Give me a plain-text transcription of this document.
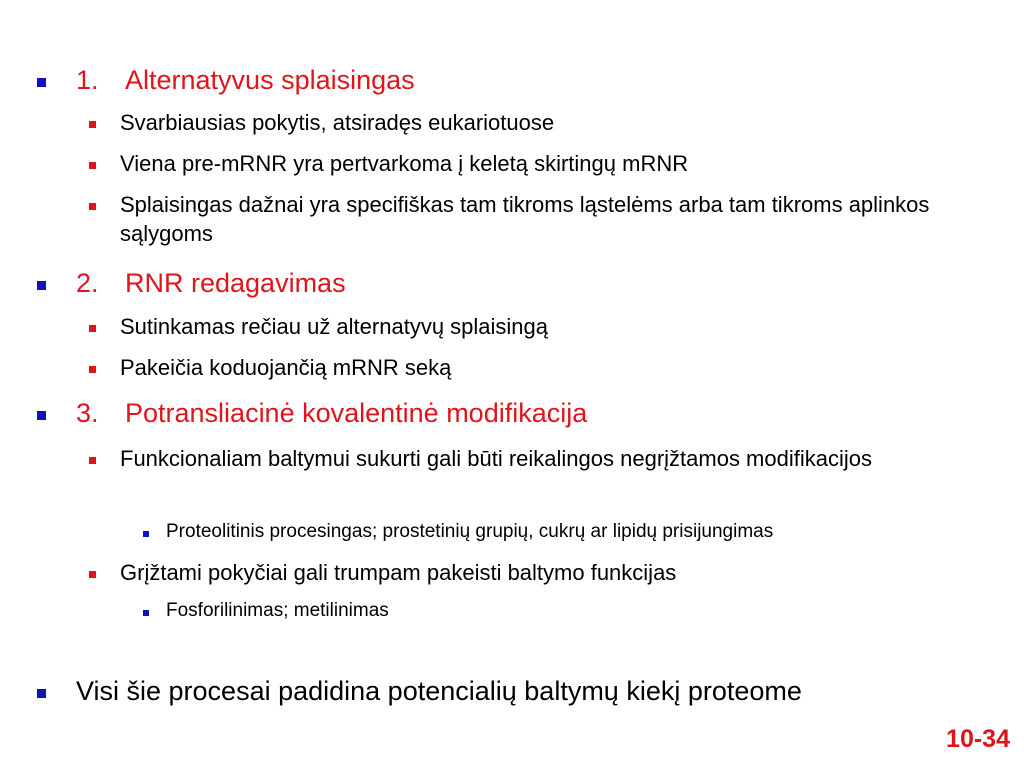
1. Alternatyvus splaisingas
Svarbiausias pokytis, atsiradęs eukariotuose
Viena pre-mRNR yra pertvarkoma į keletą skirtingų mRNR
Splaisingas dažnai yra specifiškas tam tikroms ląstelėms arba tam tikroms aplinkos sąlygoms
2. RNR redagavimas
Sutinkamas rečiau už alternatyvų splaisingą
Pakeičia koduojančią mRNR seką
3. Potransliacinė kovalentinė modifikacija
Funkcionaliam baltymui sukurti gali būti reikalingos negrįžtamos modifikacijos
Proteolitinis procesingas; prostetinių grupių, cukrų ar lipidų prisijungimas
Grįžtami pokyčiai gali trumpam pakeisti baltymo funkcijas
Fosforilinimas; metilinimas
Visi šie procesai padidina potencialių baltymų kiekį proteome
10-34
